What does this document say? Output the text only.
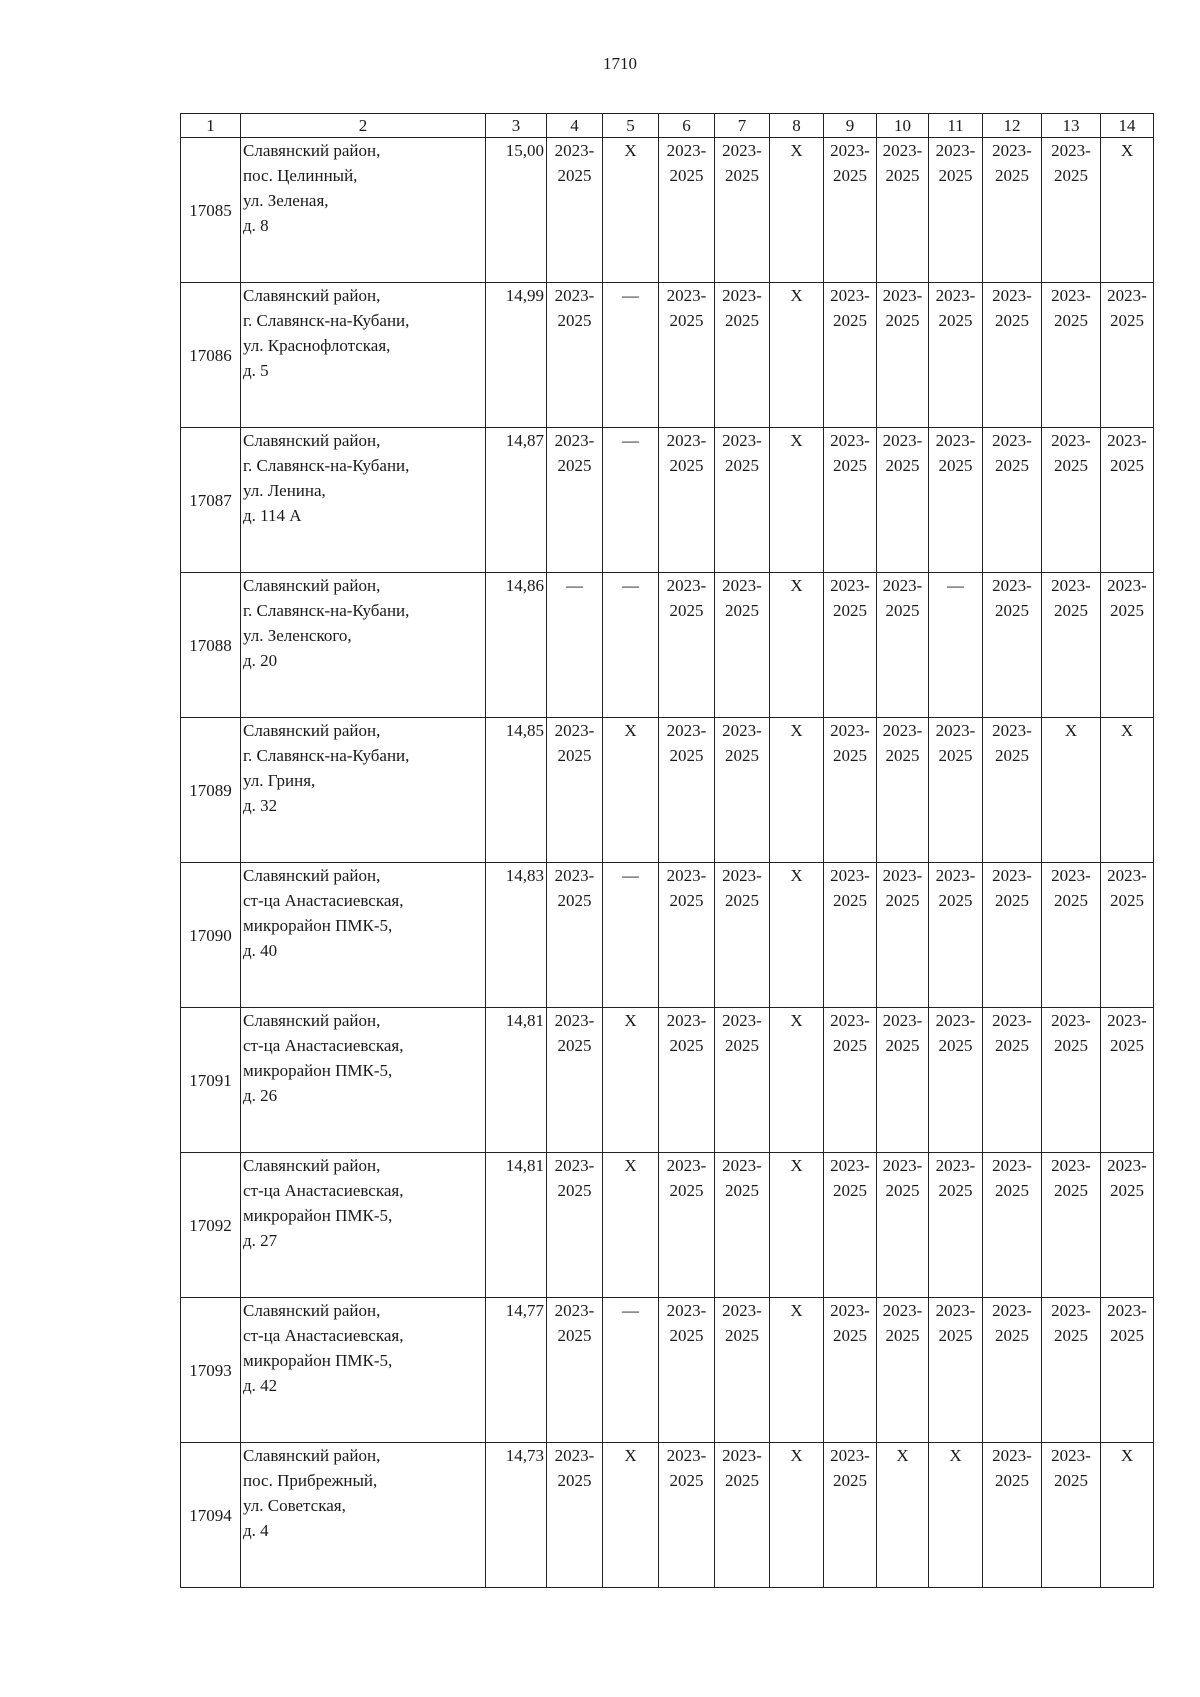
1710
1	2	3	4	5	6	7	8	9	10	11	12	13	14
17085	Славянский район,
пос. Целинный,
ул. Зеленая,
д. 8	15,00	2023-
2025	X	2023-
2025	2023-
2025	X	2023-
2025	2023-
2025	2023-
2025	2023-
2025	2023-
2025	X
17086	Славянский район,
г. Славянск-на-Кубани,
ул. Краснофлотская,
д. 5	14,99	2023-
2025	—	2023-
2025	2023-
2025	X	2023-
2025	2023-
2025	2023-
2025	2023-
2025	2023-
2025	2023-
2025
17087	Славянский район,
г. Славянск-на-Кубани,
ул. Ленина,
д. 114 А	14,87	2023-
2025	—	2023-
2025	2023-
2025	X	2023-
2025	2023-
2025	2023-
2025	2023-
2025	2023-
2025	2023-
2025
17088	Славянский район,
г. Славянск-на-Кубани,
ул. Зеленского,
д. 20	14,86	—	—	2023-
2025	2023-
2025	X	2023-
2025	2023-
2025	—	2023-
2025	2023-
2025	2023-
2025
17089	Славянский район,
г. Славянск-на-Кубани,
ул. Гриня,
д. 32	14,85	2023-
2025	X	2023-
2025	2023-
2025	X	2023-
2025	2023-
2025	2023-
2025	2023-
2025	X	X
17090	Славянский район,
ст-ца Анастасиевская,
микрорайон ПМК-5,
д. 40	14,83	2023-
2025	—	2023-
2025	2023-
2025	X	2023-
2025	2023-
2025	2023-
2025	2023-
2025	2023-
2025	2023-
2025
17091	Славянский район,
ст-ца Анастасиевская,
микрорайон ПМК-5,
д. 26	14,81	2023-
2025	X	2023-
2025	2023-
2025	X	2023-
2025	2023-
2025	2023-
2025	2023-
2025	2023-
2025	2023-
2025
17092	Славянский район,
ст-ца Анастасиевская,
микрорайон ПМК-5,
д. 27	14,81	2023-
2025	X	2023-
2025	2023-
2025	X	2023-
2025	2023-
2025	2023-
2025	2023-
2025	2023-
2025	2023-
2025
17093	Славянский район,
ст-ца Анастасиевская,
микрорайон ПМК-5,
д. 42	14,77	2023-
2025	—	2023-
2025	2023-
2025	X	2023-
2025	2023-
2025	2023-
2025	2023-
2025	2023-
2025	2023-
2025
17094	Славянский район,
пос. Прибрежный,
ул. Советская,
д. 4	14,73	2023-
2025	X	2023-
2025	2023-
2025	X	2023-
2025	X	X	2023-
2025	2023-
2025	X
